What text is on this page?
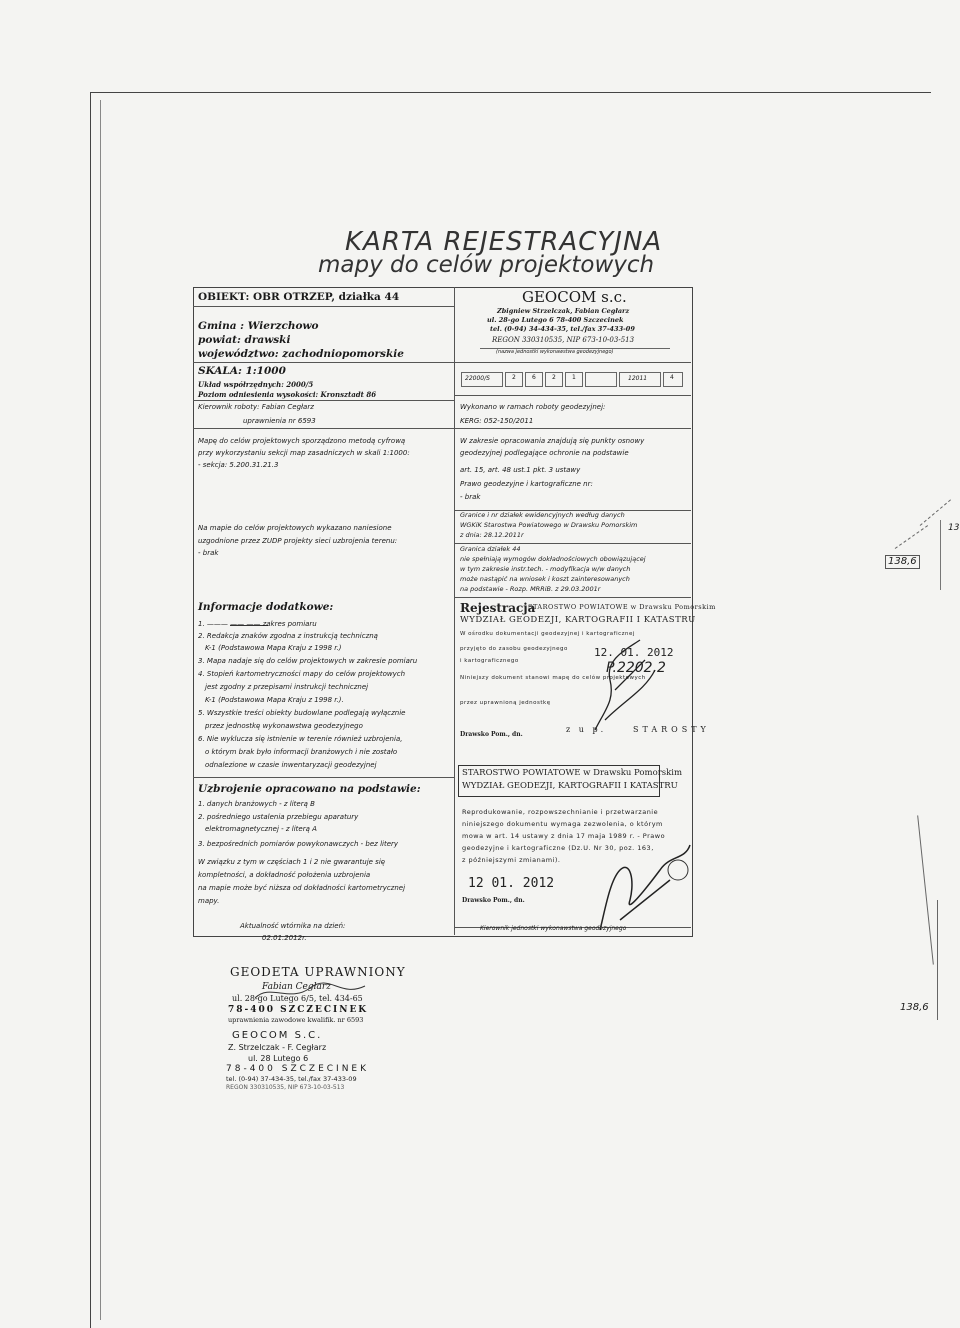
KARTA REJESTRACYJNA
mapy do celów projektowych
OBIEKT: OBR OTRZEP, działka 44
Gmina : Wierzchowo
powiat: drawski
województwo: zachodniopomorskie
SKALA: 1:1000
Układ współrzędnych: 2000/5
Poziom odniesienia wysokości: Kronsztadt 86
Kierownik roboty: Fabian Cegłarz
uprawnienia nr 6593
Mapę do celów projektowych sporządzono metodą cyfrową
przy wykorzystaniu sekcji map zasadniczych w skali 1:1000:
- sekcja: 5.200.31.21.3
Na mapie do celów projektowych wykazano naniesione
uzgodnione przez ZUDP projekty sieci uzbrojenia terenu:
- brak
Informacje dodatkowe:
1. ——— —— —— zakres pomiaru
2. Redakcja znaków zgodna z instrukcją techniczną
K-1 (Podstawowa Mapa Kraju z 1998 r.)
3. Mapa nadaje się do celów projektowych w zakresie pomiaru
4. Stopień kartometryczności mapy do celów projektowych
jest zgodny z przepisami instrukcji technicznej
K-1 (Podstawowa Mapa Kraju z 1998 r.).
5. Wszystkie treści obiekty budowlane podlegają wyłącznie
przez jednostkę wykonawstwa geodezyjnego
6. Nie wyklucza się istnienie w terenie również uzbrojenia,
o którym brak było informacji branżowych i nie zostało
odnalezione w czasie inwentaryzacji geodezyjnej
Uzbrojenie opracowano na podstawie:
1. danych branżowych - z literą B
2. pośredniego ustalenia przebiegu aparatury
elektromagnetycznej - z literą A
3. bezpośrednich pomiarów powykonawczych - bez litery
W związku z tym w częściach 1 i 2 nie gwarantuje się
kompletności, a dokładność położenia uzbrojenia
na mapie może być niższa od dokładności kartometrycznej
mapy.
Aktualność wtórnika na dzień:
02.01.2012r.
GEOCOM s.c.
Zbigniew Strzelczak, Fabian Cegłarz
ul. 28-go Lutego 6 78-400 Szczecinek
tel. (0-94) 34-434-35, tel./fax 37-433-09
REGON 330310535, NIP 673-10-03-513
(nazwa jednostki wykonawstwa geodezyjnego)
22000/S	2	6	2	1	12011	4
Wykonano w ramach roboty geodezyjnej:
KERG: 052-150/2011
W zakresie opracowania znajdują się punkty osnowy
geodezyjnej podlegające ochronie na podstawie
art. 15, art. 48 ust.1 pkt. 3 ustawy
Prawo geodezyjne i kartograficzne nr:
- brak
Granice i nr działek ewidencyjnych według danych
WGKiK Starostwa Powiatowego w Drawsku Pomorskim
z dnia: 28.12.2011r
Granica działek 44
nie spełniają wymogów dokładnościowych obowiązującej
w tym zakresie instr.tech. - modyfikacja w/w danych
może nastąpić na wniosek i koszt zainteresowanych
na podstawie - Rozp. MRRiB. z 29.03.2001r
Rejestracja
STAROSTWO POWIATOWE w Drawsku Pomorskim
WYDZIAŁ GEODEZJI, KARTOGRAFII I KATASTRU
W ośrodku dokumentacji geodezyjnej i kartograficznej
przyjęto do zasobu geodezyjnego
i kartograficznego
Niniejszy dokument stanowi mapę do celów projektowych
przez uprawnioną jednostkę
12. 01. 2012
P.2202.2
Drawsko Pom., dn.
z u p.	STAROSTY
STAROSTWO POWIATOWE w Drawsku Pomorskim
WYDZIAŁ GEODEZJI, KARTOGRAFII I KATASTRU
Reprodukowanie, rozpowszechnianie i przetwarzanie
niniejszego dokumentu wymaga zezwolenia, o którym
mowa w art. 14 ustawy z dnia 17 maja 1989 r. - Prawo
geodezyjne i kartograficzne (Dz.U. Nr 30, poz. 163,
z późniejszymi zmianami).
12 01. 2012
Drawsko Pom., dn.
Kierownik jednostki wykonawstwa geodezyjnego
GEODETA UPRAWNIONY
Fabian Cegłarz
ul. 28-go Lutego 6/5, tel. 434-65
78-400 SZCZECINEK
uprawnienia zawodowe kwalifik. nr 6593
GEOCOM S.C.
Z. Strzelczak - F. Cegłarz
ul. 28 Lutego 6
78-400 SZCZECINEK
tel. (0-94) 37-434-35, tel./fax 37-433-09
REGON 330310535, NIP 673-10-03-513
138,6
138,6
13
